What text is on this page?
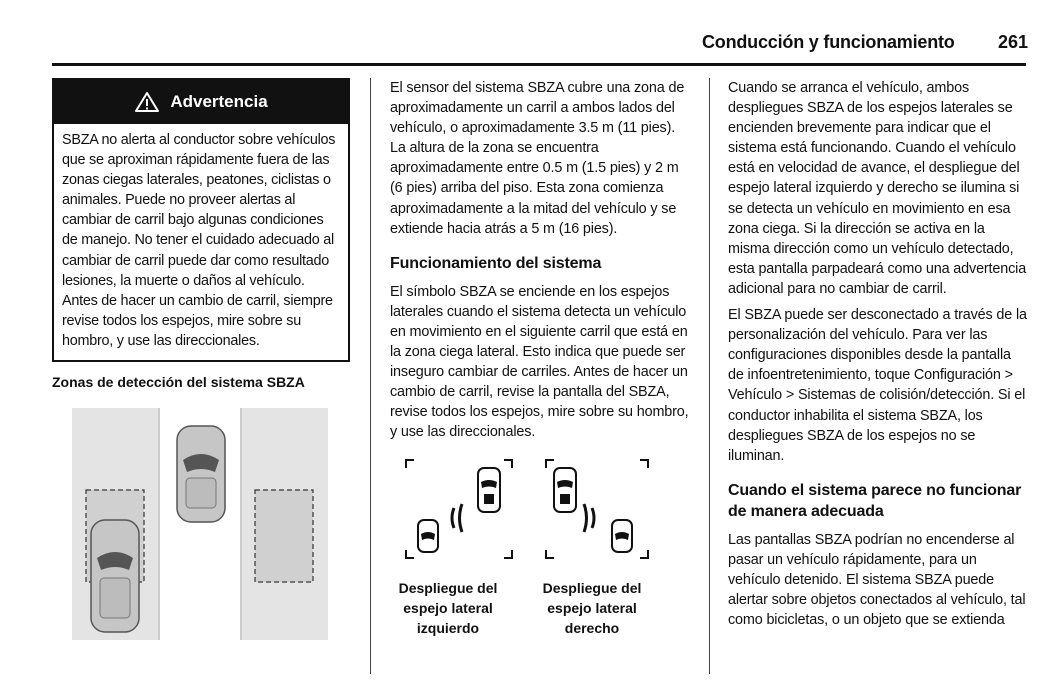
Conducción y funcionamiento 261
Advertencia
SBZA no alerta al conductor sobre vehículos que se aproximan rápidamente fuera de las zonas ciegas laterales, peatones, ciclistas o animales. Puede no proveer alertas al cambiar de carril bajo algunas condiciones de manejo. No tener el cuidado adecuado al cambiar de carril puede dar como resultado lesiones, la muerte o daños al vehículo. Antes de hacer un cambio de carril, siempre revise todos los espejos, mire sobre su hombro, y use las direccionales.
Zonas de detección del sistema SBZA

El sensor del sistema SBZA cubre una zona de aproximadamente un carril a ambos lados del vehículo, o aproximadamente 3.5 m (11 pies). La altura de la zona se encuentra aproximadamente entre 0.5 m (1.5 pies) y 2 m (6 pies) arriba del piso. Esta zona comienza aproximadamente a la mitad del vehículo y se extiende hacia atrás a 5 m (16 pies).

Funcionamiento del sistema

El símbolo SBZA se enciende en los espejos laterales cuando el sistema detecta un vehículo en movimiento en el siguiente carril que está en la zona ciega lateral. Esto indica que puede ser inseguro cambiar de carriles. Antes de hacer un cambio de carril, revise la pantalla del SBZA, revise todos los espejos, mire sobre su hombro, y use las direccionales.

Despliegue del espejo lateral izquierdo
Despliegue del espejo lateral derecho

Cuando se arranca el vehículo, ambos despliegues SBZA de los espejos laterales se encienden brevemente para indicar que el sistema está funcionando. Cuando el vehículo está en velocidad de avance, el despliegue del espejo lateral izquierdo y derecho se ilumina si se detecta un vehículo en movimiento en esa zona ciega. Si la dirección se activa en la misma dirección como un vehículo detectado, esta pantalla parpadeará como una advertencia adicional para no cambiar de carril.

El SBZA puede ser desconectado a través de la personalización del vehículo. Para ver las configuraciones disponibles desde la pantalla de infoentretenimiento, toque Configuración > Vehículo > Sistemas de colisión/detección. Si el conductor inhabilita el sistema SBZA, los despliegues SBZA de los espejos no se iluminan.

Cuando el sistema parece no funcionar de manera adecuada

Las pantallas SBZA podrían no encenderse al pasar un vehículo rápidamente, para un vehículo detenido. El sistema SBZA puede alertar sobre objetos conectados al vehículo, tal como bicicletas, o un objeto que se extienda
